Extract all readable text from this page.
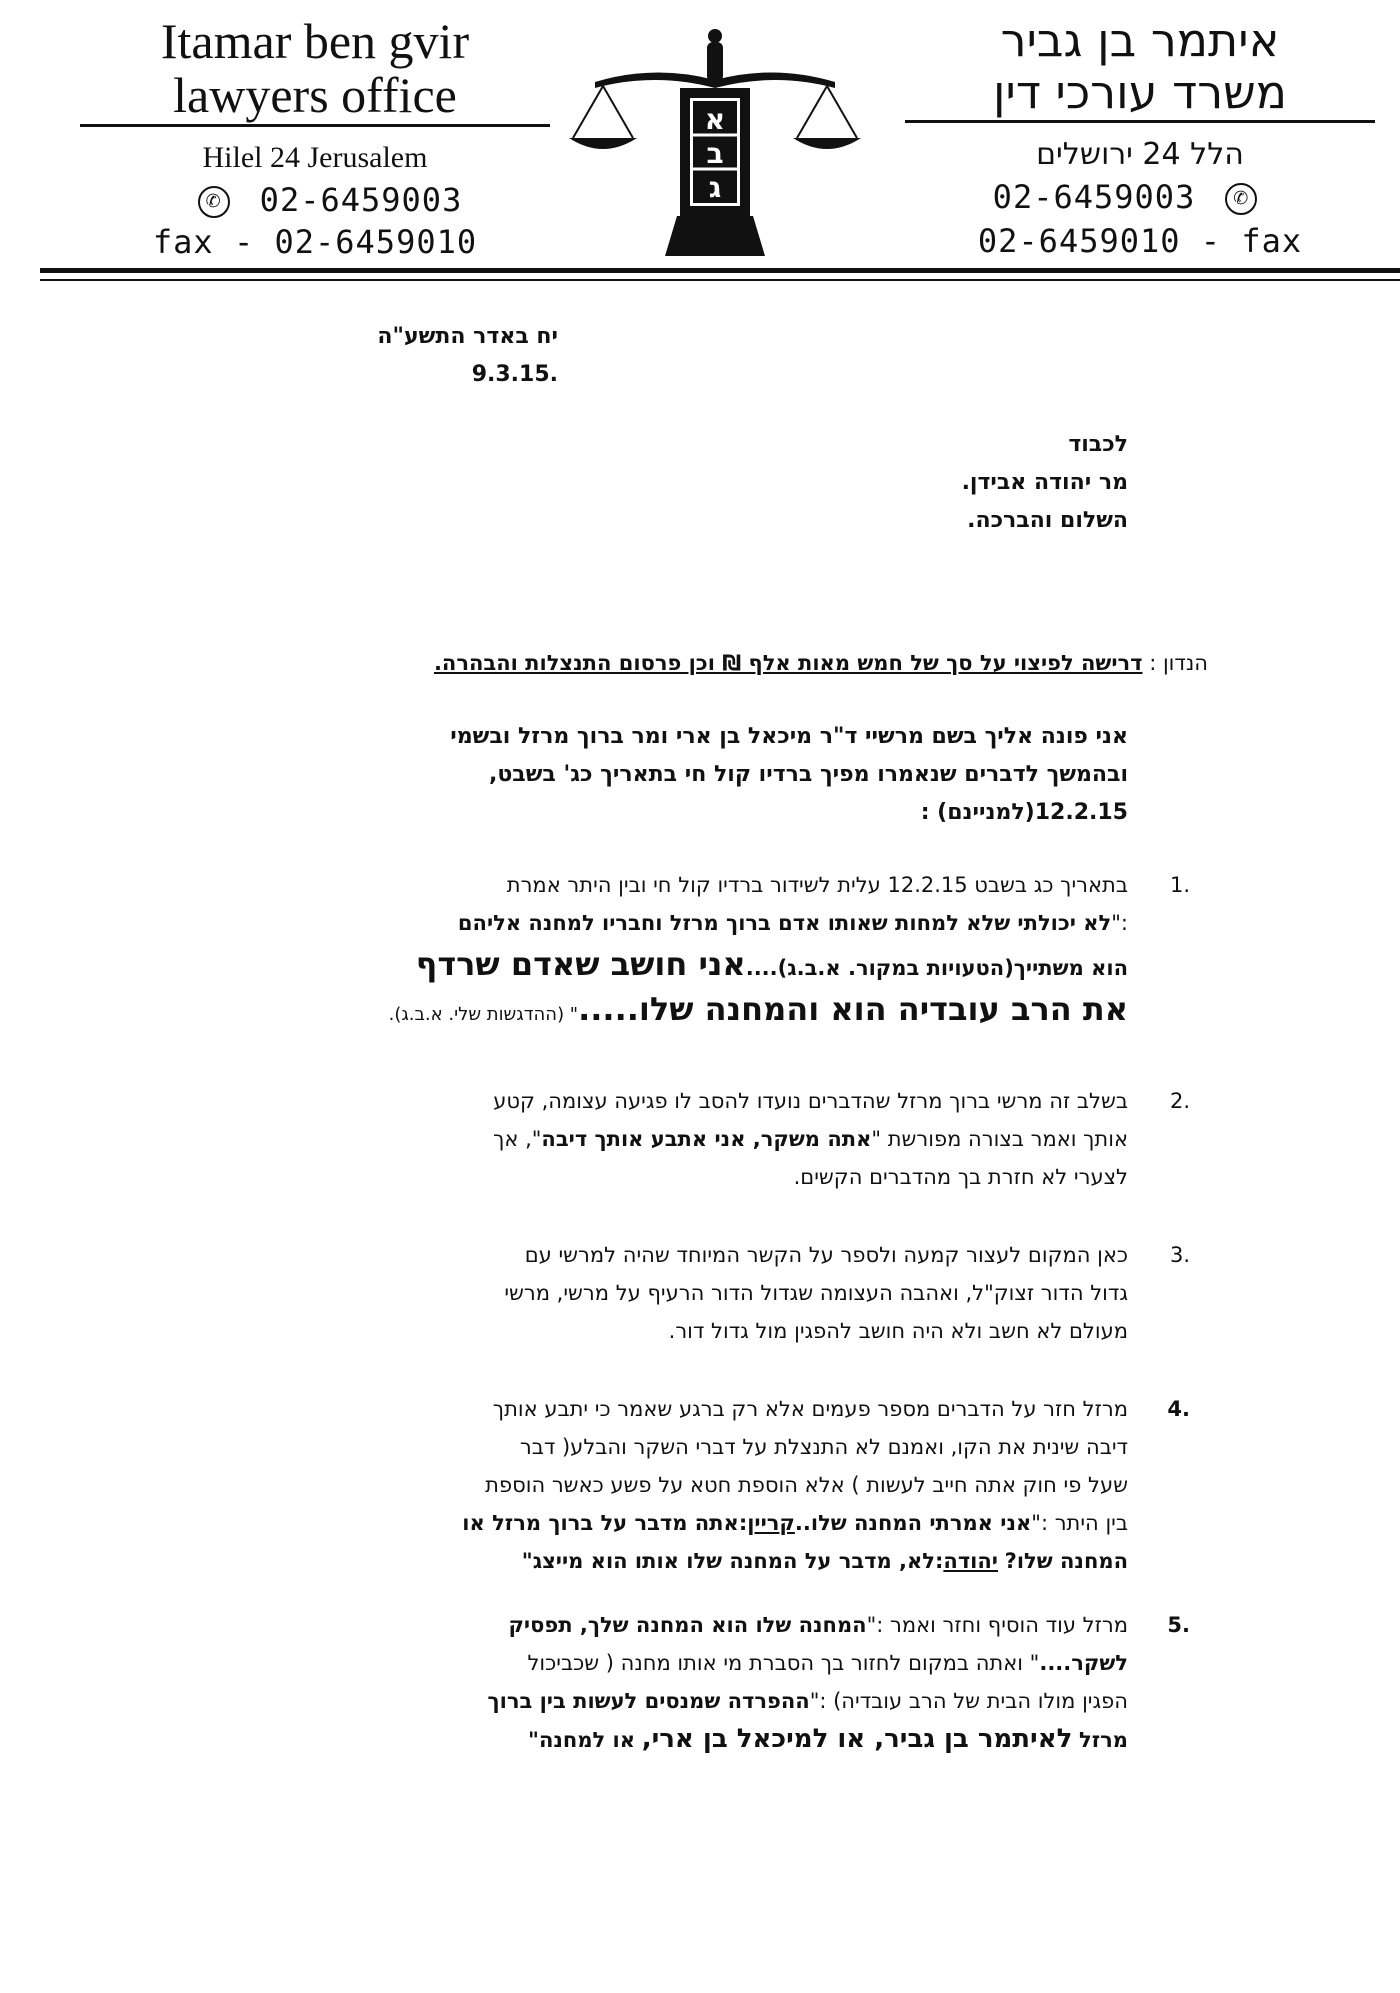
Itamar ben gvir
lawyers office
Hilel 24 Jerusalem
✆ 02-6459003
fax - 02-6459010
א
ב
ג
איתמר בן גביר
משרד עורכי דין
הלל 24 ירושלים
02-6459003 ✆
02-6459010 - fax
יח באדר התשע"ה
.9.3.15
לכבוד
מר יהודה אבידן.
השלום והברכה.
הנדון : דרישה לפיצוי על סך של חמש מאות אלף ₪ וכן פרסום התנצלות והבהרה.
אני פונה אליך בשם מרשיי ד"ר מיכאל בן ארי ומר ברוך מרזל ובשמי
ובהמשך לדברים שנאמרו מפיך ברדיו קול חי בתאריך כג' בשבט,
12.2.15(למניינם) :
.1
בתאריך כג בשבט 12.2.15 עלית לשידור ברדיו קול חי ובין היתר אמרת
:"לא יכולתי שלא למחות שאותו אדם ברוך מרזל וחבריו למחנה אליהם
הוא משתייך(הטעויות במקור. א.ב.ג)....אני חושב שאדם שרדף
את הרב עובדיה הוא והמחנה שלו....." (ההדגשות שלי. א.ב.ג).
.2
בשלב זה מרשי ברוך מרזל שהדברים נועדו להסב לו פגיעה עצומה, קטע
אותך ואמר בצורה מפורשת "אתה משקר, אני אתבע אותך דיבה", אך
לצערי לא חזרת בך מהדברים הקשים.
.3
כאן המקום לעצור קמעה ולספר על הקשר המיוחד שהיה למרשי עם
גדול הדור זצוק"ל, ואהבה העצומה שגדול הדור הרעיף על מרשי, מרשי
מעולם לא חשב ולא היה חושב להפגין מול גדול דור.
.4
מרזל חזר על הדברים מספר פעמים אלא רק ברגע שאמר כי יתבע אותך
דיבה שינית את הקו, ואמנם לא התנצלת על דברי השקר והבלע( דבר
שעל פי חוק אתה חייב לעשות ) אלא הוספת חטא על פשע כאשר הוספת
בין היתר :"אני אמרתי המחנה שלו..קריין:אתה מדבר על ברוך מרזל או
המחנה שלו? יהודה:לא, מדבר על המחנה שלו אותו הוא מייצג"
.5
מרזל עוד הוסיף וחזר ואמר :"המחנה שלו הוא המחנה שלך, תפסיק
לשקר...." ואתה במקום לחזור בך הסברת מי אותו מחנה ( שכביכול
הפגין מולו הבית של הרב עובדיה) :"ההפרדה שמנסים לעשות בין ברוך
מרזל לאיתמר בן גביר, או למיכאל בן ארי, או למחנה"
